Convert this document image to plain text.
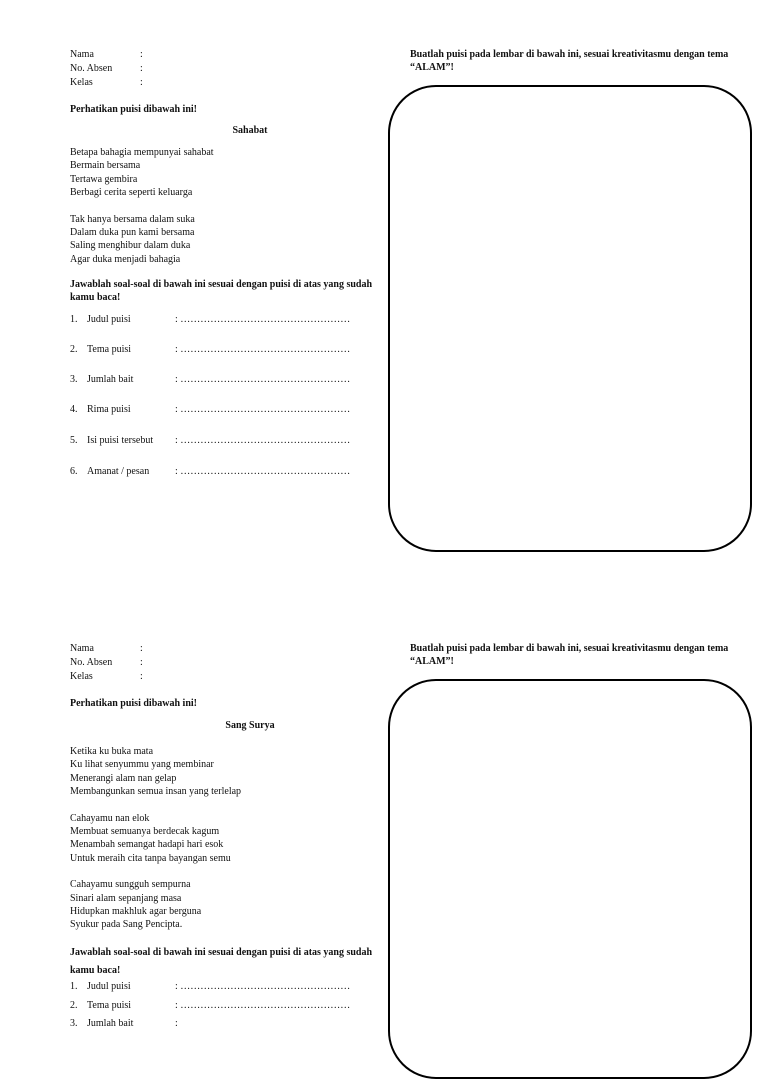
Nama	:
No. Absen	:
Kelas	:
Perhatikan puisi dibawah ini!
Sahabat
Betapa bahagia mempunyai sahabat
Bermain bersama
Tertawa gembira
Berbagi cerita seperti keluarga
Tak hanya bersama dalam suka
Dalam duka pun kami bersama
Saling menghibur dalam duka
Agar duka menjadi bahagia
Jawablah soal-soal di bawah ini sesuai dengan puisi di atas yang sudah kamu baca!
1. Judul puisi	: ……………………………………………
2. Tema puisi	: ……………………………………………
3. Jumlah bait	: ……………………………………………
4. Rima puisi	: ……………………………………………
5. Isi puisi tersebut : ……………………………………………
6. Amanat / pesan	: ……………………………………………
Buatlah puisi pada lembar di bawah ini, sesuai kreativitasmu dengan tema “ALAM”!
Nama	:
No. Absen	:
Kelas	:
Perhatikan puisi dibawah ini!
Sang Surya
Ketika ku buka mata
Ku lihat senyummu yang membinar
Menerangi alam nan gelap
Membangunkan semua insan yang terlelap
Cahayamu nan elok
Membuat semuanya berdecak kagum
Menambah semangat hadapi hari esok
Untuk meraih cita tanpa bayangan semu
Cahayamu sungguh sempurna
Sinari alam sepanjang masa
Hidupkan makhluk agar berguna
Syukur pada Sang Pencipta.
Jawablah soal-soal di bawah ini sesuai dengan puisi di atas yang sudah kamu baca!
1. Judul puisi	: ……………………………………………
2. Tema puisi	: ……………………………………………
3. Jumlah bait	:
Buatlah puisi pada lembar di bawah ini, sesuai kreativitasmu dengan tema “ALAM”!
